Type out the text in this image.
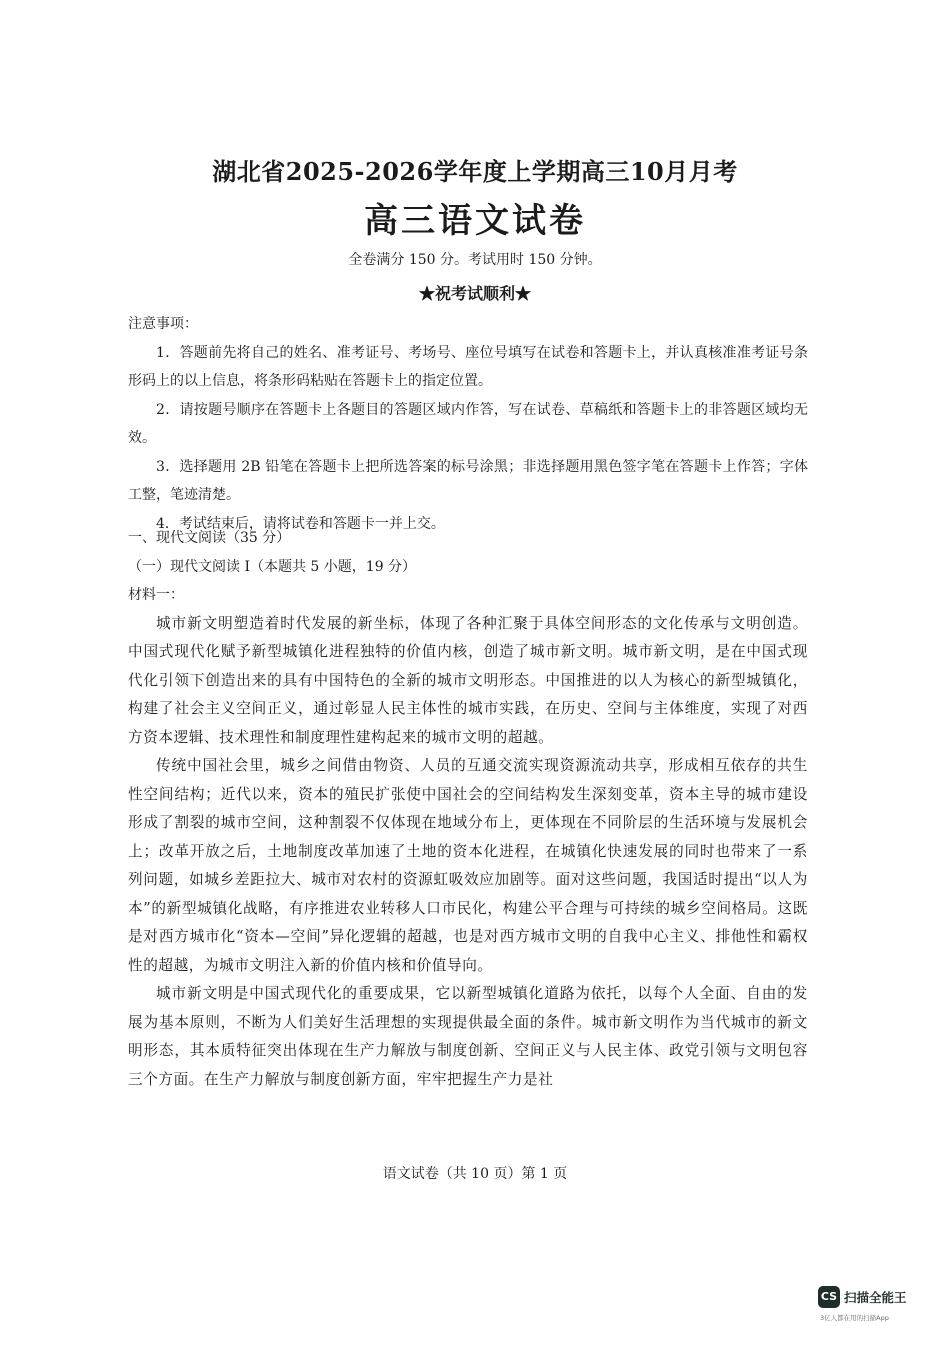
湖北省2025-2026学年度上学期高三10月月考
高三语文试卷
全卷满分 150 分。考试用时 150 分钟。
★祝考试顺利★

注意事项：

1．答题前先将自己的姓名、准考证号、考场号、座位号填写在试卷和答题卡上，并认真核准准考证号条形码上的以上信息，将条形码粘贴在答题卡上的指定位置。

2．请按题号顺序在答题卡上各题目的答题区域内作答，写在试卷、草稿纸和答题卡上的非答题区域均无效。

3．选择题用 2B 铅笔在答题卡上把所选答案的标号涂黑；非选择题用黑色签字笔在答题卡上作答；字体工整，笔迹清楚。

4．考试结束后，请将试卷和答题卡一并上交。

一、现代文阅读（35 分）

（一）现代文阅读 I（本题共 5 小题，19 分）

材料一：

城市新文明塑造着时代发展的新坐标，体现了各种汇聚于具体空间形态的文化传承与文明创造。中国式现代化赋予新型城镇化进程独特的价值内核，创造了城市新文明。城市新文明，是在中国式现代化引领下创造出来的具有中国特色的全新的城市文明形态。中国推进的以人为核心的新型城镇化，构建了社会主义空间正义，通过彰显人民主体性的城市实践，在历史、空间与主体维度，实现了对西方资本逻辑、技术理性和制度理性建构起来的城市文明的超越。

传统中国社会里，城乡之间借由物资、人员的互通交流实现资源流动共享，形成相互依存的共生性空间结构；近代以来，资本的殖民扩张使中国社会的空间结构发生深刻变革，资本主导的城市建设形成了割裂的城市空间，这种割裂不仅体现在地域分布上，更体现在不同阶层的生活环境与发展机会上；改革开放之后，土地制度改革加速了土地的资本化进程，在城镇化快速发展的同时也带来了一系列问题，如城乡差距拉大、城市对农村的资源虹吸效应加剧等。面对这些问题，我国适时提出“以人为本”的新型城镇化战略，有序推进农业转移人口市民化，构建公平合理与可持续的城乡空间格局。这既是对西方城市化“资本—空间”异化逻辑的超越，也是对西方城市文明的自我中心主义、排他性和霸权性的超越，为城市文明注入新的价值内核和价值导向。

城市新文明是中国式现代化的重要成果，它以新型城镇化道路为依托，以每个人全面、自由的发展为基本原则，不断为人们美好生活理想的实现提供最全面的条件。城市新文明作为当代城市的新文明形态，其本质特征突出体现在生产力解放与制度创新、空间正义与人民主体、政党引领与文明包容三个方面。在生产力解放与制度创新方面，牢牢把握生产力是社

语文试卷（共 10 页）第 1 页
CS 扫描全能王
3亿人都在用的扫描App
